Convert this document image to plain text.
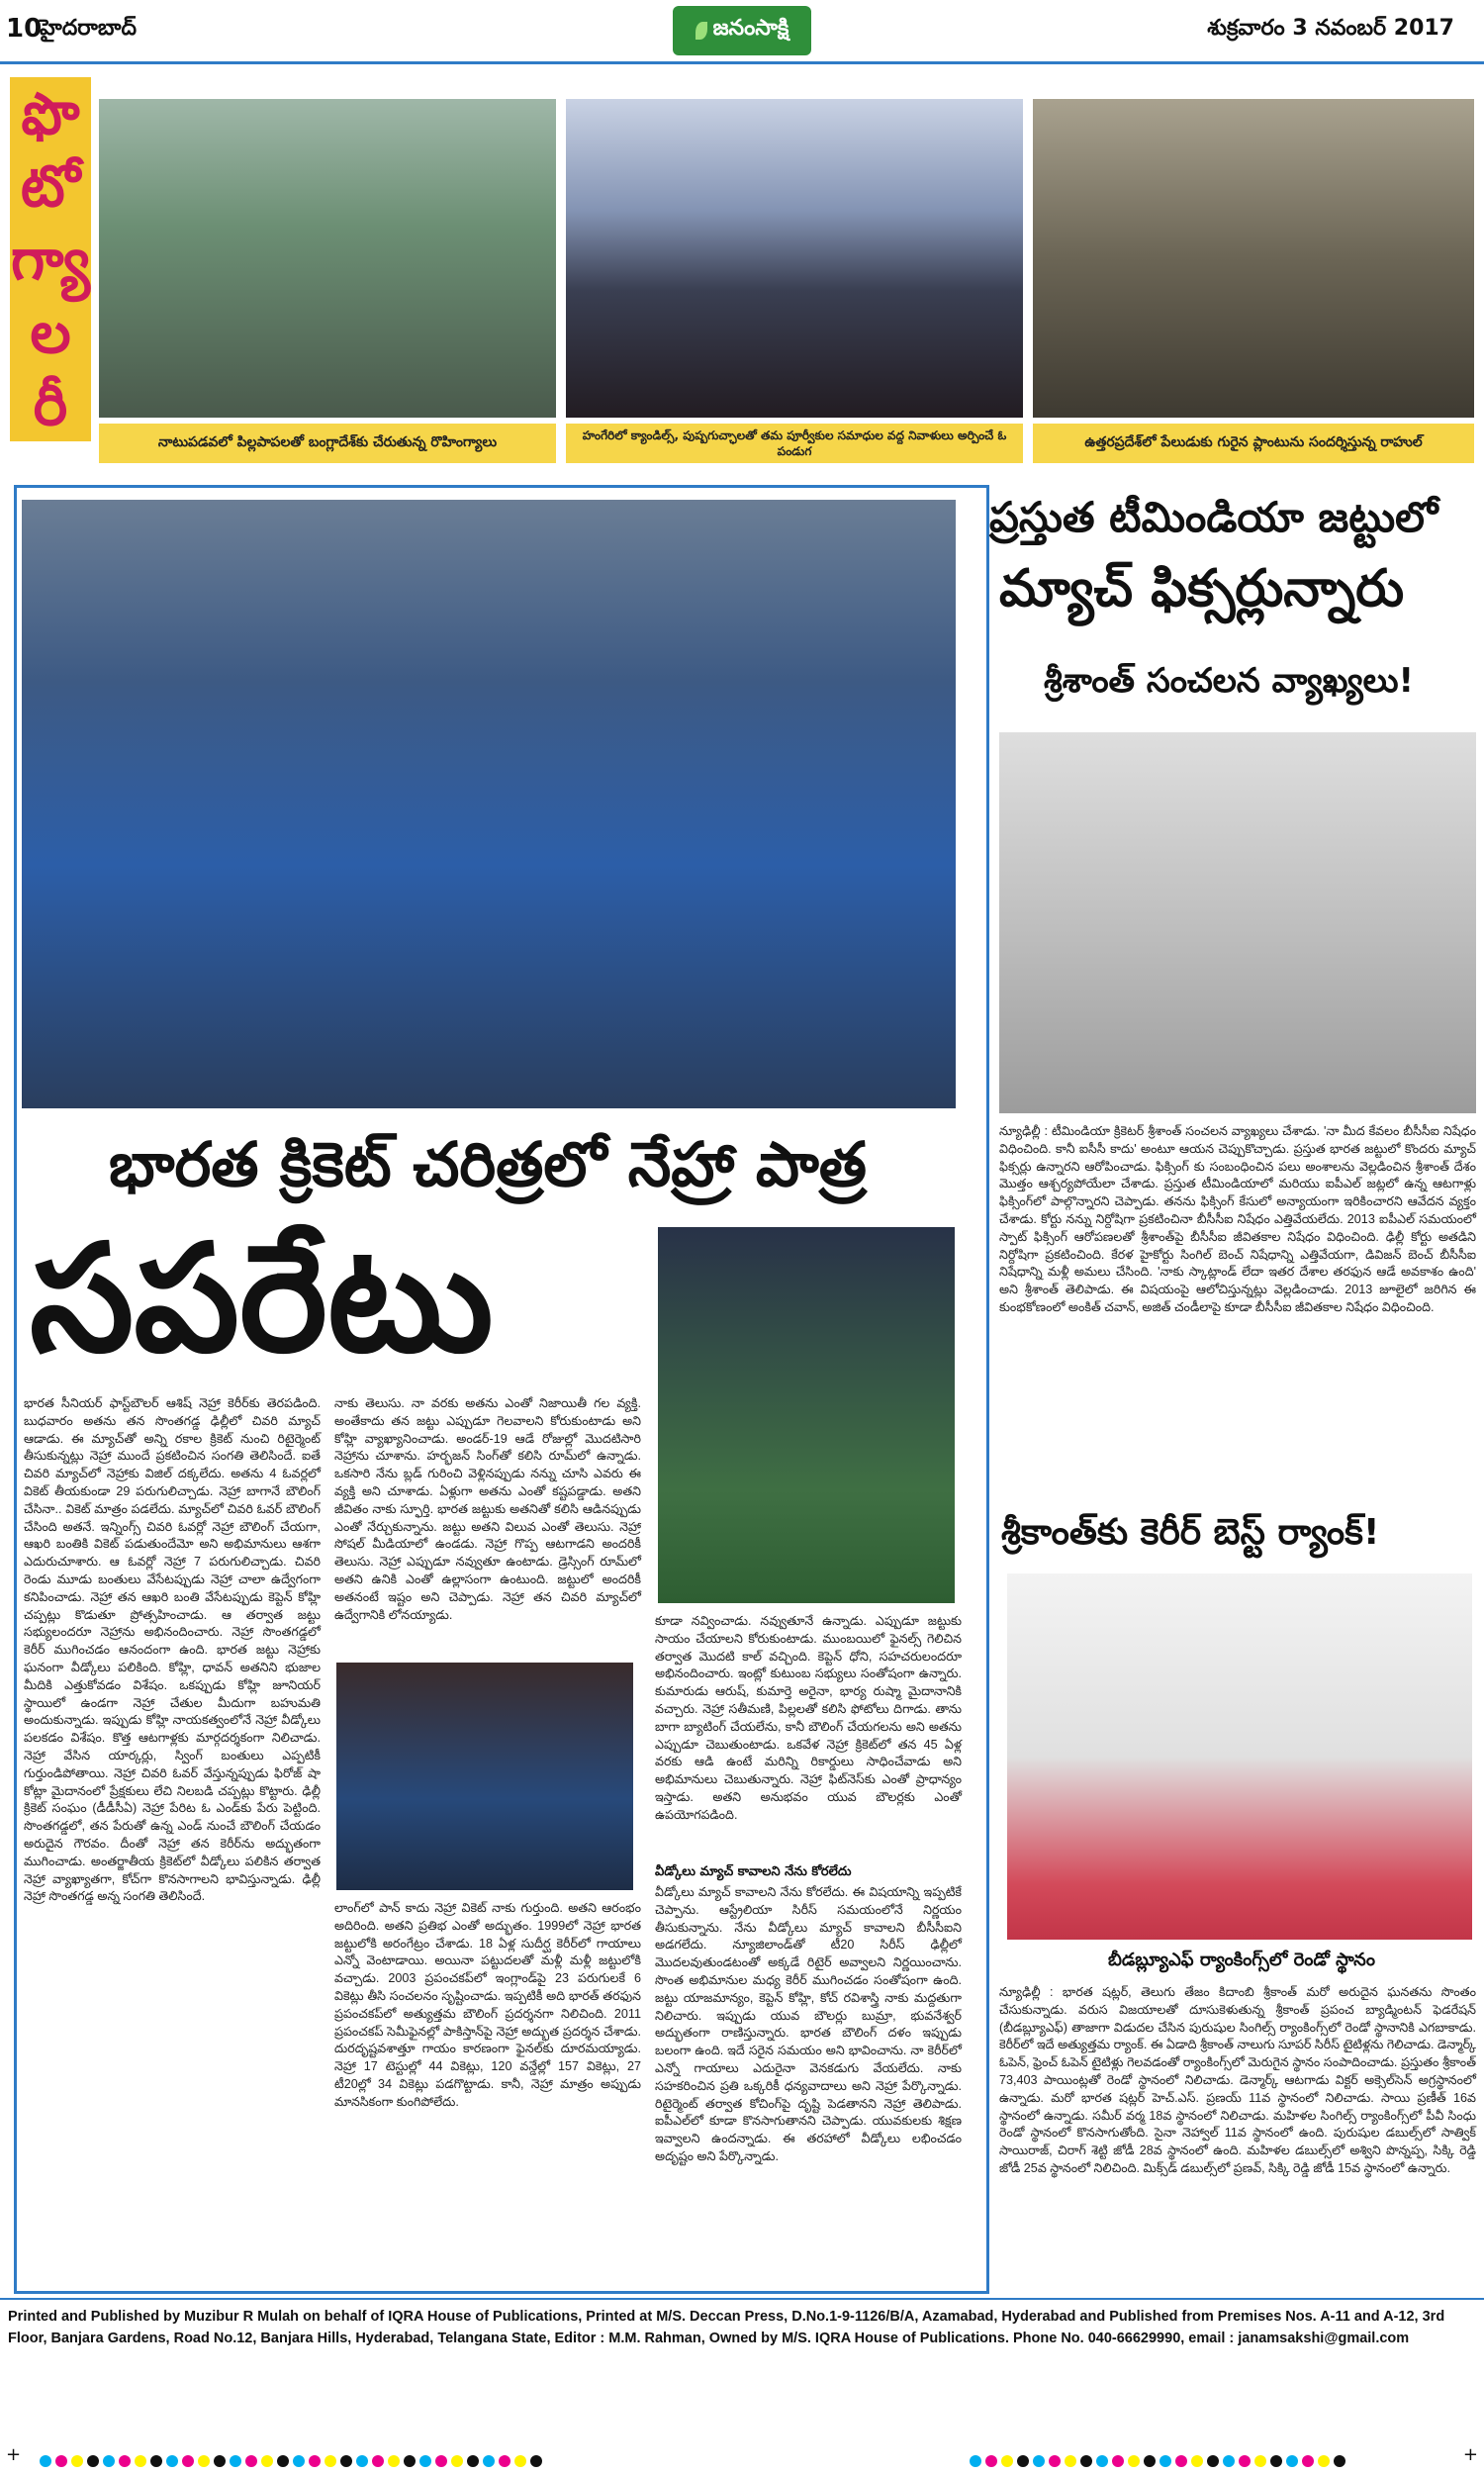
10
హైదరాబాద్	జనంసాక్షి	శుక్రవారం 3 నవంబర్ 2017
ఫొ
టో
గ్యా
ల
రీ
నాటుపడవలో పిల్లపాపలతో బంగ్లాదేశ్‌కు చేరుతున్న రొహింగ్యాలు	హంగేరిలో క్యాండిల్స్‌, పుష్పగుచ్ఛాలతో తమ పూర్వీకుల సమాధుల వద్ద నివాళులు అర్పించే ఓ పండుగ
ఉత్తరప్రదేశ్‌లో పేలుడుకు గురైన ప్లాంటును సందర్శిస్తున్న రాహుల్
భారత క్రికెట్ చరిత్రలో నేహ్రా పాత్ర
సపరేటు
భారత సీనియర్ ఫాస్ట్‌బౌలర్ ఆశిష్ నెహ్రా కెరీర్‌కు తెరపడింది. బుధవారం అతను తన సొంతగడ్డ ఢిల్లీలో చివరి మ్యాచ్ ఆడాడు. ఈ మ్యాచ్‌తో అన్ని రకాల క్రికెట్ నుంచి రిటైర్మెంట్ తీసుకున్నట్లు నెహ్రా ముందే ప్రకటించిన సంగతి తెలిసిందే. ఐతే చివరి మ్యాచ్‌లో నెహ్రాకు విజిల్ దక్కలేదు. అతను 4 ఓవర్లలో వికెట్ తీయకుండా 29 పరుగులిచ్చాడు. నెహ్రా బాగానే బౌలింగ్ చేసినా.. వికెట్ మాత్రం పడలేదు. మ్యాచ్‌లో చివరి ఓవర్ బౌలింగ్ చేసింది అతనే. ఇన్నింగ్స్ చివరి ఓవర్లో నెహ్రా బౌలింగ్ చేయగా, ఆఖరి బంతికి వికెట్ పడుతుందేమో అని అభిమానులు ఆశగా ఎదురుచూశారు. ఆ ఓవర్లో నెహ్రా 7 పరుగులిచ్చాడు. చివరి రెండు మూడు బంతులు వేసేటప్పుడు నెహ్రా చాలా ఉద్వేగంగా కనిపించాడు. నెహ్రా తన ఆఖరి బంతి వేసేటప్పుడు కెప్టెన్ కోహ్లి చప్పట్లు కొడుతూ ప్రోత్సహించాడు. ఆ తర్వాత జట్టు సభ్యులందరూ నెహ్రాను అభినందించారు. నెహ్రా సొంతగడ్డలో కెరీర్ ముగించడం ఆనందంగా ఉంది. భారత జట్టు నెహ్రాకు ఘనంగా వీడ్కోలు పలికింది. కోహ్లి, ధావన్ అతనిని భుజాల మీదికి ఎత్తుకోవడం విశేషం. ఒకప్పుడు కోహ్లి జూనియర్ స్థాయిలో ఉండగా నెహ్రా చేతుల మీదుగా బహుమతి అందుకున్నాడు. ఇప్పుడు కోహ్లి నాయకత్వంలోనే నెహ్రా వీడ్కోలు పలకడం విశేషం. కొత్త ఆటగాళ్లకు మార్గదర్శకంగా నిలిచాడు. నెహ్రా వేసిన యార్కర్లు, స్వింగ్ బంతులు ఎప్పటికీ గుర్తుండిపోతాయి. నెహ్రా చివరి ఓవర్ వేస్తున్నప్పుడు ఫిరోజ్ షా కోట్లా మైదానంలో ప్రేక్షకులు లేచి నిలబడి చప్పట్లు కొట్టారు. ఢిల్లీ క్రికెట్ సంఘం (డీడీసీఏ) నెహ్రా పేరిట ఓ ఎండ్‌కు పేరు పెట్టింది. సొంతగడ్డలో, తన పేరుతో ఉన్న ఎండ్ నుంచే బౌలింగ్ చేయడం అరుదైన గౌరవం. దీంతో నెహ్రా తన కెరీర్‌ను అద్భుతంగా ముగించాడు. అంతర్జాతీయ క్రికెట్‌లో వీడ్కోలు పలికిన తర్వాత నెహ్రా వ్యాఖ్యాతగా, కోచ్‌గా కొనసాగాలని భావిస్తున్నాడు. ఢిల్లీ నెహ్రా సొంతగడ్డ అన్న సంగతి తెలిసిందే.
నాకు తెలుసు. నా వరకు అతను ఎంతో నిజాయితీ గల వ్యక్తి. అంతేకాదు తన జట్టు ఎప్పుడూ గెలవాలని కోరుకుంటాడు అని కోహ్లి వ్యాఖ్యానించాడు. అండర్-19 ఆడే రోజుల్లో మొదటిసారి నెహ్రాను చూశాను. హర్భజన్ సింగ్‌తో కలిసి రూమ్‌లో ఉన్నాడు. ఒకసారి నేను బ్లడ్ గురించి వెళ్లినప్పుడు నన్ను చూసి ఎవరు ఈ వ్యక్తి అని చూశాడు. ఏళ్లుగా అతను ఎంతో కష్టపడ్డాడు. అతని జీవితం నాకు స్ఫూర్తి. భారత జట్టుకు అతనితో కలిసి ఆడినప్పుడు ఎంతో నేర్చుకున్నాను. జట్టు అతని విలువ ఎంతో తెలుసు. నెహ్రా సోషల్ మీడియాలో ఉండడు. నెహ్రా గొప్ప ఆటగాడని అందరికీ తెలుసు. నెహ్రా ఎప్పుడూ నవ్వుతూ ఉంటాడు. డ్రెస్సింగ్ రూమ్‌లో అతని ఉనికి ఎంతో ఉల్లాసంగా ఉంటుంది. జట్టులో అందరికీ అతనంటే ఇష్టం అని చెప్పాడు. నెహ్రా తన చివరి మ్యాచ్‌లో ఉద్వేగానికి లోనయ్యాడు.
లాంగ్‌లో పాన్ కాదు నెహ్రా వికెట్ నాకు గుర్తుంది. అతని ఆరంభం అదిరింది. అతని ప్రతిభ ఎంతో అద్భుతం. 1999లో నెహ్రా భారత జట్టులోకి అరంగేట్రం చేశాడు. 18 ఏళ్ల సుదీర్ఘ కెరీర్‌లో గాయాలు ఎన్నో వెంటాడాయి. అయినా పట్టుదలతో మళ్లీ మళ్లీ జట్టులోకి వచ్చాడు. 2003 ప్రపంచకప్‌లో ఇంగ్లాండ్‌పై 23 పరుగులకే 6 వికెట్లు తీసి సంచలనం సృష్టించాడు. ఇప్పటికీ అది భారత్ తరఫున ప్రపంచకప్‌లో అత్యుత్తమ బౌలింగ్ ప్రదర్శనగా నిలిచింది. 2011 ప్రపంచకప్ సెమీఫైనల్లో పాకిస్తాన్‌పై నెహ్రా అద్భుత ప్రదర్శన చేశాడు. దురదృష్టవశాత్తూ గాయం కారణంగా ఫైనల్‌కు దూరమయ్యాడు. నెహ్రా 17 టెస్టుల్లో 44 వికెట్లు, 120 వన్డేల్లో 157 వికెట్లు, 27 టీ20ల్లో 34 వికెట్లు పడగొట్టాడు. కానీ, నెహ్రా మాత్రం అప్పుడు మానసికంగా కుంగిపోలేదు.
కూడా నవ్వించాడు. నవ్వుతూనే ఉన్నాడు. ఎప్పుడూ జట్టుకు సాయం చేయాలని కోరుకుంటాడు. ముంబయిలో ఫైనల్స్ గెలిచిన తర్వాత మొదటి కాల్ వచ్చింది. కెప్టెన్ ధోని, సహచరులందరూ అభినందించారు. ఇంట్లో కుటుంబ సభ్యులు సంతోషంగా ఉన్నారు. కుమారుడు ఆరుష్, కుమార్తె అరైనా, భార్య రుష్మా మైదానానికి వచ్చారు. నెహ్రా సతీమణి, పిల్లలతో కలిసి ఫోటోలు దిగాడు. తాను బాగా బ్యాటింగ్ చేయలేను, కానీ బౌలింగ్ చేయగలను అని అతను ఎప్పుడూ చెబుతుంటాడు. ఒకవేళ నెహ్రా క్రికెట్‌లో తన 45 ఏళ్ల వరకు ఆడి ఉంటే మరిన్ని రికార్డులు సాధించేవాడు అని అభిమానులు చెబుతున్నారు. నెహ్రా ఫిట్‌నెస్‌కు ఎంతో ప్రాధాన్యం ఇస్తాడు. అతని అనుభవం యువ బౌలర్లకు ఎంతో ఉపయోగపడింది.
వీడ్కోలు మ్యాచ్ కావాలని నేను కోరలేదు
వీడ్కోలు మ్యాచ్ కావాలని నేను కోరలేదు. ఈ విషయాన్ని ఇప్పటికే చెప్పాను. ఆస్ట్రేలియా సిరీస్ సమయంలోనే నిర్ణయం తీసుకున్నాను. నేను వీడ్కోలు మ్యాచ్ కావాలని బీసీసీఐని అడగలేదు. న్యూజిలాండ్‌తో టీ20 సిరీస్ ఢిల్లీలో మొదలవుతుండటంతో అక్కడే రిటైర్ అవ్వాలని నిర్ణయించాను. సొంత అభిమానుల మధ్య కెరీర్ ముగించడం సంతోషంగా ఉంది. జట్టు యాజమాన్యం, కెప్టెన్ కోహ్లి, కోచ్ రవిశాస్త్రి నాకు మద్దతుగా నిలిచారు. ఇప్పుడు యువ బౌలర్లు బుమ్రా, భువనేశ్వర్ అద్భుతంగా రాణిస్తున్నారు. భారత బౌలింగ్ దళం ఇప్పుడు బలంగా ఉంది. ఇదే సరైన సమయం అని భావించాను. నా కెరీర్‌లో ఎన్నో గాయాలు ఎదురైనా వెనకడుగు వేయలేదు. నాకు సహకరించిన ప్రతి ఒక్కరికీ ధన్యవాదాలు అని నెహ్రా పేర్కొన్నాడు. రిటైర్మెంట్ తర్వాత కోచింగ్‌పై దృష్టి పెడతానని నెహ్రా తెలిపాడు. ఐపీఎల్‌లో కూడా కొనసాగుతానని చెప్పాడు. యువకులకు శిక్షణ ఇవ్వాలని ఉందన్నాడు. ఈ తరహాలో వీడ్కోలు లభించడం అదృష్టం అని పేర్కొన్నాడు.
ప్రస్తుత టీమిండియా జట్టులో
మ్యాచ్ ఫిక్సర్లున్నారు
శ్రీశాంత్ సంచలన వ్యాఖ్యలు!
న్యూఢిల్లీ : టీమిండియా క్రికెటర్ శ్రీశాంత్ సంచలన వ్యాఖ్యలు చేశాడు. 'నా మీద కేవలం బీసీసీఐ నిషేధం విధించింది. కానీ ఐసీసీ కాదు' అంటూ ఆయన చెప్పుకొచ్చాడు. ప్రస్తుత భారత జట్టులో కొందరు మ్యాచ్ ఫిక్సర్లు ఉన్నారని ఆరోపించాడు. ఫిక్సింగ్ కు సంబంధించిన పలు అంశాలను వెల్లడించిన శ్రీశాంత్ దేశం మొత్తం ఆశ్చర్యపోయేలా చేశాడు. ప్రస్తుత టీమిండియాలో మరియు ఐపీఎల్ జట్లలో ఉన్న ఆటగాళ్లు ఫిక్సింగ్‌లో పాల్గొన్నారని చెప్పాడు. తనను ఫిక్సింగ్ కేసులో అన్యాయంగా ఇరికించారని ఆవేదన వ్యక్తం చేశాడు. కోర్టు నన్ను నిర్దోషిగా ప్రకటించినా బీసీసీఐ నిషేధం ఎత్తివేయలేదు. 2013 ఐపీఎల్ సమయంలో స్పాట్ ఫిక్సింగ్ ఆరోపణలతో శ్రీశాంత్‌పై బీసీసీఐ జీవితకాల నిషేధం విధించింది. ఢిల్లీ కోర్టు అతడిని నిర్దోషిగా ప్రకటించింది. కేరళ హైకోర్టు సింగిల్ బెంచ్ నిషేధాన్ని ఎత్తివేయగా, డివిజన్ బెంచ్ బీసీసీఐ నిషేధాన్ని మళ్లీ అమలు చేసింది. 'నాకు స్కాట్లాండ్ లేదా ఇతర దేశాల తరఫున ఆడే అవకాశం ఉంది' అని శ్రీశాంత్ తెలిపాడు. ఈ విషయంపై ఆలోచిస్తున్నట్లు వెల్లడించాడు. 2013 జూలైలో జరిగిన ఈ కుంభకోణంలో అంకిత్ చవాన్, అజిత్ చండీలాపై కూడా బీసీసీఐ జీవితకాల నిషేధం విధించింది.
శ్రీకాంత్‌కు కెరీర్ బెస్ట్ ర్యాంక్!
బీడబ్ల్యూఎఫ్ ర్యాంకింగ్స్‌లో రెండో స్థానం
న్యూఢిల్లీ : భారత షట్లర్, తెలుగు తేజం కిదాంబి శ్రీకాంత్ మరో అరుదైన ఘనతను సొంతం చేసుకున్నాడు. వరుస విజయాలతో దూసుకెళుతున్న శ్రీకాంత్ ప్రపంచ బ్యాడ్మింటన్ ఫెడరేషన్ (బీడబ్ల్యూఎఫ్) తాజాగా విడుదల చేసిన పురుషుల సింగిల్స్ ర్యాంకింగ్స్‌లో రెండో స్థానానికి ఎగబాకాడు. కెరీర్‌లో ఇదే అత్యుత్తమ ర్యాంక్. ఈ ఏడాది శ్రీకాంత్ నాలుగు సూపర్ సిరీస్ టైటిళ్లను గెలిచాడు. డెన్మార్క్ ఓపెన్, ఫ్రెంచ్ ఓపెన్ టైటిళ్లు గెలవడంతో ర్యాంకింగ్స్‌లో మెరుగైన స్థానం సంపాదించాడు. ప్రస్తుతం శ్రీకాంత్ 73,403 పాయింట్లతో రెండో స్థానంలో నిలిచాడు. డెన్మార్క్ ఆటగాడు విక్టర్ అక్సెల్‌సెన్ అగ్రస్థానంలో ఉన్నాడు. మరో భారత షట్లర్ హెచ్.ఎస్. ప్రణయ్ 11వ స్థానంలో నిలిచాడు. సాయి ప్రణీత్ 16వ స్థానంలో ఉన్నాడు. సమీర్ వర్మ 18వ స్థానంలో నిలిచాడు. మహిళల సింగిల్స్ ర్యాంకింగ్స్‌లో పీవీ సింధు రెండో స్థానంలో కొనసాగుతోంది. సైనా నెహ్వాల్ 11వ స్థానంలో ఉంది. పురుషుల డబుల్స్‌లో సాత్విక్ సాయిరాజ్, చిరాగ్ శెట్టి జోడీ 28వ స్థానంలో ఉంది. మహిళల డబుల్స్‌లో అశ్విని పొన్నప్ప, సిక్కి రెడ్డి జోడీ 25వ స్థానంలో నిలిచింది. మిక్స్‌డ్ డబుల్స్‌లో ప్రణవ్, సిక్కి రెడ్డి జోడీ 15వ స్థానంలో ఉన్నారు.
Printed and Published by Muzibur R Mulah on behalf of IQRA House of Publications, Printed at M/S. Deccan Press, D.No.1-9-1126/B/A, Azamabad, Hyderabad and Published from Premises Nos. A-11 and A-12, 3rd Floor, Banjara Gardens, Road No.12, Banjara Hills, Hyderabad, Telangana State, Editor : M.M. Rahman, Owned by M/S. IQRA House of Publications. Phone No. 040-66629990, email : janamsakshi@gmail.com
+	+
